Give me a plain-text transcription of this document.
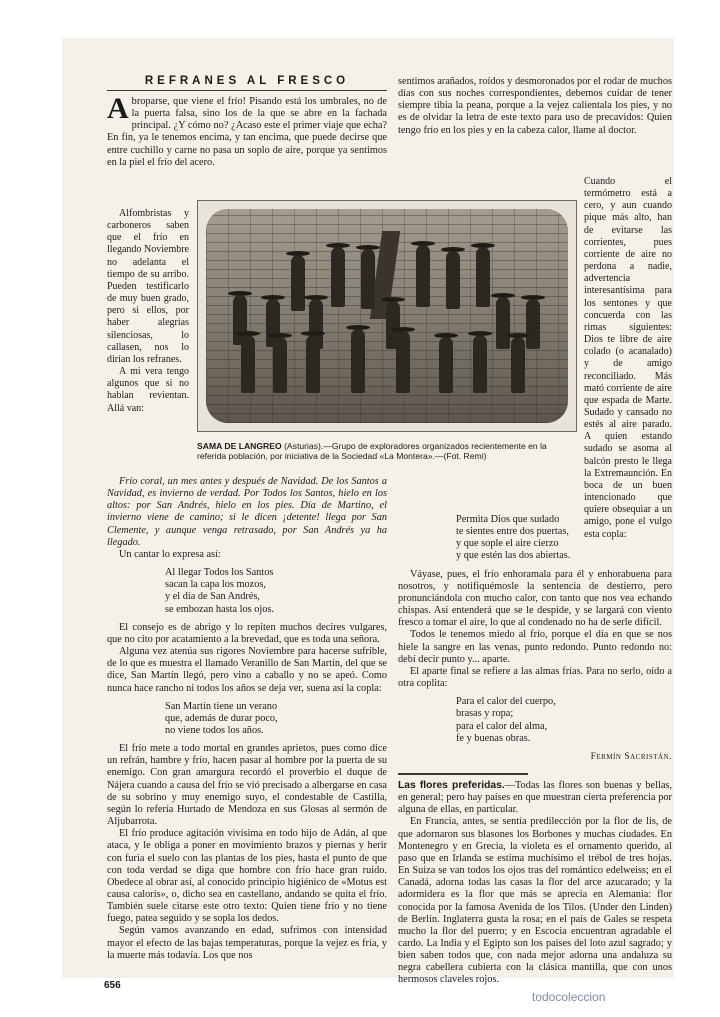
REFRANES AL FRESCO

Abroparse, que viene el frío! Pisando está los umbrales, no de la puerta falsa, sino los de la que se abre en la fachada principal. ¿Y cómo no? ¿Acaso este el primer viaje que echa? En fin, ya le tenemos encima, y tan encima, que puede decirse que entre cuchillo y carne no pasa un soplo de aire, porque ya sentimos en la piel el frío del acero.

SAMA DE LANGREO (Asturias).—Grupo de exploradores organizados recientemente en la referida población, por iniciativa de la Sociedad «La Montera».—(Fot. Remi)

Alfombristas y carboneros saben que el frío en llegando Noviembre no adelanta el tiempo de su arribo. Pueden testificarlo de muy buen grado, pero si ellos, por haber alegrías silenciosas, lo callasen, nos lo dirían los refranes.

A mi vera tengo algunos que si no hablan revientan. Allá van:

Frío coral, un mes antes y después de Navidad. De los Santos a Navidad, es invierno de verdad. Por Todos los Santos, hielo en los altos: por San Andrés, hielo en los pies. Día de Martino, el invierno viene de camino; si le dicen ¡detente! llega por San Clemente, y aunque venga retrasado, por San Andrés ya ha llegado.

Un cantar lo expresa así:

Al llegar Todos los Santos
sacan la capa los mozos,
y el día de San Andrés,
se embozan hasta los ojos.

El consejo es de abrigo y lo repiten muchos decires vulgares, que no cito por acatamiento a la brevedad, que es toda una señora.

Alguna vez atenúa sus rigores Noviembre para hacerse sufrible, de lo que es muestra el llamado Veranillo de San Martín, del que se dice, San Martín llegó, pero vino a caballo y no se apeó. Como nunca hace rancho ni todos los años se deja ver, suena así la copla:

San Martín tiene un verano
que, además de durar poco,
no viene todos los años.

El frío mete a todo mortal en grandes aprietos, pues como dice un refrán, hambre y frío, hacen pasar al hombre por la puerta de su enemigo. Con gran amargura recordó el proverbio el duque de Nájera cuando a causa del frío se vió precisado a albergarse en casa de su sobrino y muy enemigo suyo, el condestable de Castilla, según lo refería Hurtado de Mendoza en sus Glosas al sermón de Aljubarrota.

El frío produce agitación vivísima en todo hijo de Adán, al que ataca, y le obliga a poner en movimiento brazos y piernas y herir con furia el suelo con las plantas de los pies, hasta el punto de que con toda verdad se diga que hombre con frío hace gran ruido. Obedece al obrar así, al conocido principio higiénico de «Motus est causa caloris», o, dicho sea en castellano, andando se quita el frío. También suele citarse este otro texto: Quien tiene frío y no tiene fuego, patea seguido y se sopla los dedos.

Según vamos avanzando en edad, sufrimos con intensidad mayor el efecto de las bajas temperaturas, porque la vejez es fría, y la muerte más todavía. Los que nos

sentimos arañados, roídos y desmoronados por el rodar de muchos días con sus noches correspondientes, debemos cuidar de tener siempre tibia la peana, porque a la vejez calientala los pies, y no es de olvidar la letra de este texto para uso de precavidos: Quien tengo frío en los pies y en la cabeza calor, llame al doctor.

Cuando el termómetro está a cero, y aun cuando pique más alto, han de evitarse las corrientes, pues corriente de aire no perdona a nadie, advertencia interesantísima para los sentones y que concuerda con las rimas siguientes: Dios te libre de aire colado (o acanalado) y de amigo reconciliado. Más mató corriente de aire que espada de Marte. Sudado y cansado no estés al aire parado. A quien estando sudado se asoma al balcón presto le llega la Extremaunción. En boca de un buen intencionado que quiere obsequiar a un amigo, pone el vulgo esta copla:

Permita Dios que sudado
te sientes entre dos puertas,
y que sople el aire cierzo
y que estén las dos abiertas.

Váyase, pues, el frío enhoramala para él y enhorabuena para nosotros, y notifiquémosle la sentencia de destierro, pero pronunciándola con mucho calor, con tanto que nos vea echando chispas. Así entenderá que se le despide, y se largará con viento fresco a tomar el aire, lo que al condenado no ha de serle difícil.

Todos le tenemos miedo al frío, porque el día en que se nos hiele la sangre en las venas, punto redondo. Punto redondo no: debí decir punto y... aparte.

El aparte final se refiere a las almas frías. Para no serlo, oído a otra coplita:

Para el calor del cuerpo,
brasas y ropa;
para el calor del alma,
fe y buenas obras.
Fermín Sacristán.

Las flores preferidas.—Todas las flores son buenas y bellas, en general; pero hay países en que muestran cierta preferencia por alguna de ellas, en particular.

En Francia, antes, se sentía predilección por la flor de lis, de que adornaron sus blasones los Borbones y muchas ciudades. En Montenegro y en Grecia, la violeta es el ornamento querido, al paso que en Irlanda se estima muchísimo el trébol de tres hojas. En Suiza se van todos los ojos tras del romántico edelweiss; en el Canadá, adorna todas las casas la flor del arce azucarado; y la adormidera es la flor que más se aprecia en Alemania: flor conocida por la famosa Avenida de los Tilos. (Under den Linden) de Berlín. Inglaterra gusta la rosa; en el país de Gales se respeta mucho la flor del puerro; y en Escocia encuentran agradable el cardo. La India y el Egipto son los países del loto azul sagrado; y bien saben todos que, con nada mejor adorna una andaluza su negra cabellera cubierta con la clásica mantilla, que con unos hermosos claveles rojos.

656
todocoleccion
